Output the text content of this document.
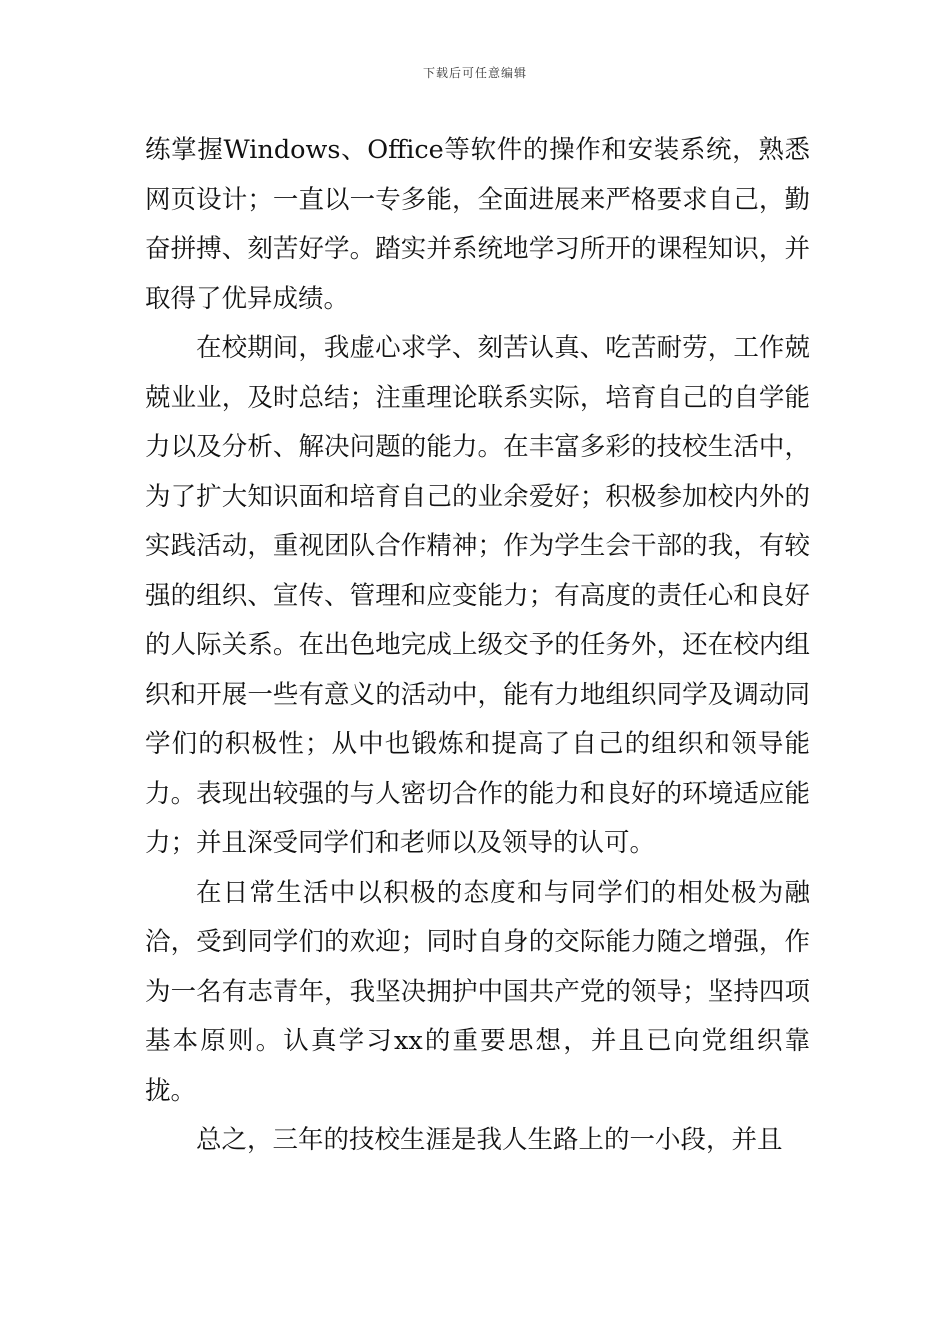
下载后可任意编辑

练掌握Windows、Office等软件的操作和安装系统，熟悉网页设计；一直以一专多能，全面进展来严格要求自己，勤奋拼搏、刻苦好学。踏实并系统地学习所开的课程知识，并取得了优异成绩。

在校期间，我虚心求学、刻苦认真、吃苦耐劳，工作兢兢业业，及时总结；注重理论联系实际，培育自己的自学能力以及分析、解决问题的能力。在丰富多彩的技校生活中，为了扩大知识面和培育自己的业余爱好；积极参加校内外的实践活动，重视团队合作精神；作为学生会干部的我，有较强的组织、宣传、管理和应变能力；有高度的责任心和良好的人际关系。在出色地完成上级交予的任务外，还在校内组织和开展一些有意义的活动中，能有力地组织同学及调动同学们的积极性；从中也锻炼和提高了自己的组织和领导能力。表现出较强的与人密切合作的能力和良好的环境适应能力；并且深受同学们和老师以及领导的认可。

在日常生活中以积极的态度和与同学们的相处极为融洽，受到同学们的欢迎；同时自身的交际能力随之增强，作为一名有志青年，我坚决拥护中国共产党的领导；坚持四项基本原则。认真学习xx的重要思想，并且已向党组织靠拢。

总之，三年的技校生涯是我人生路上的一小段，并且
